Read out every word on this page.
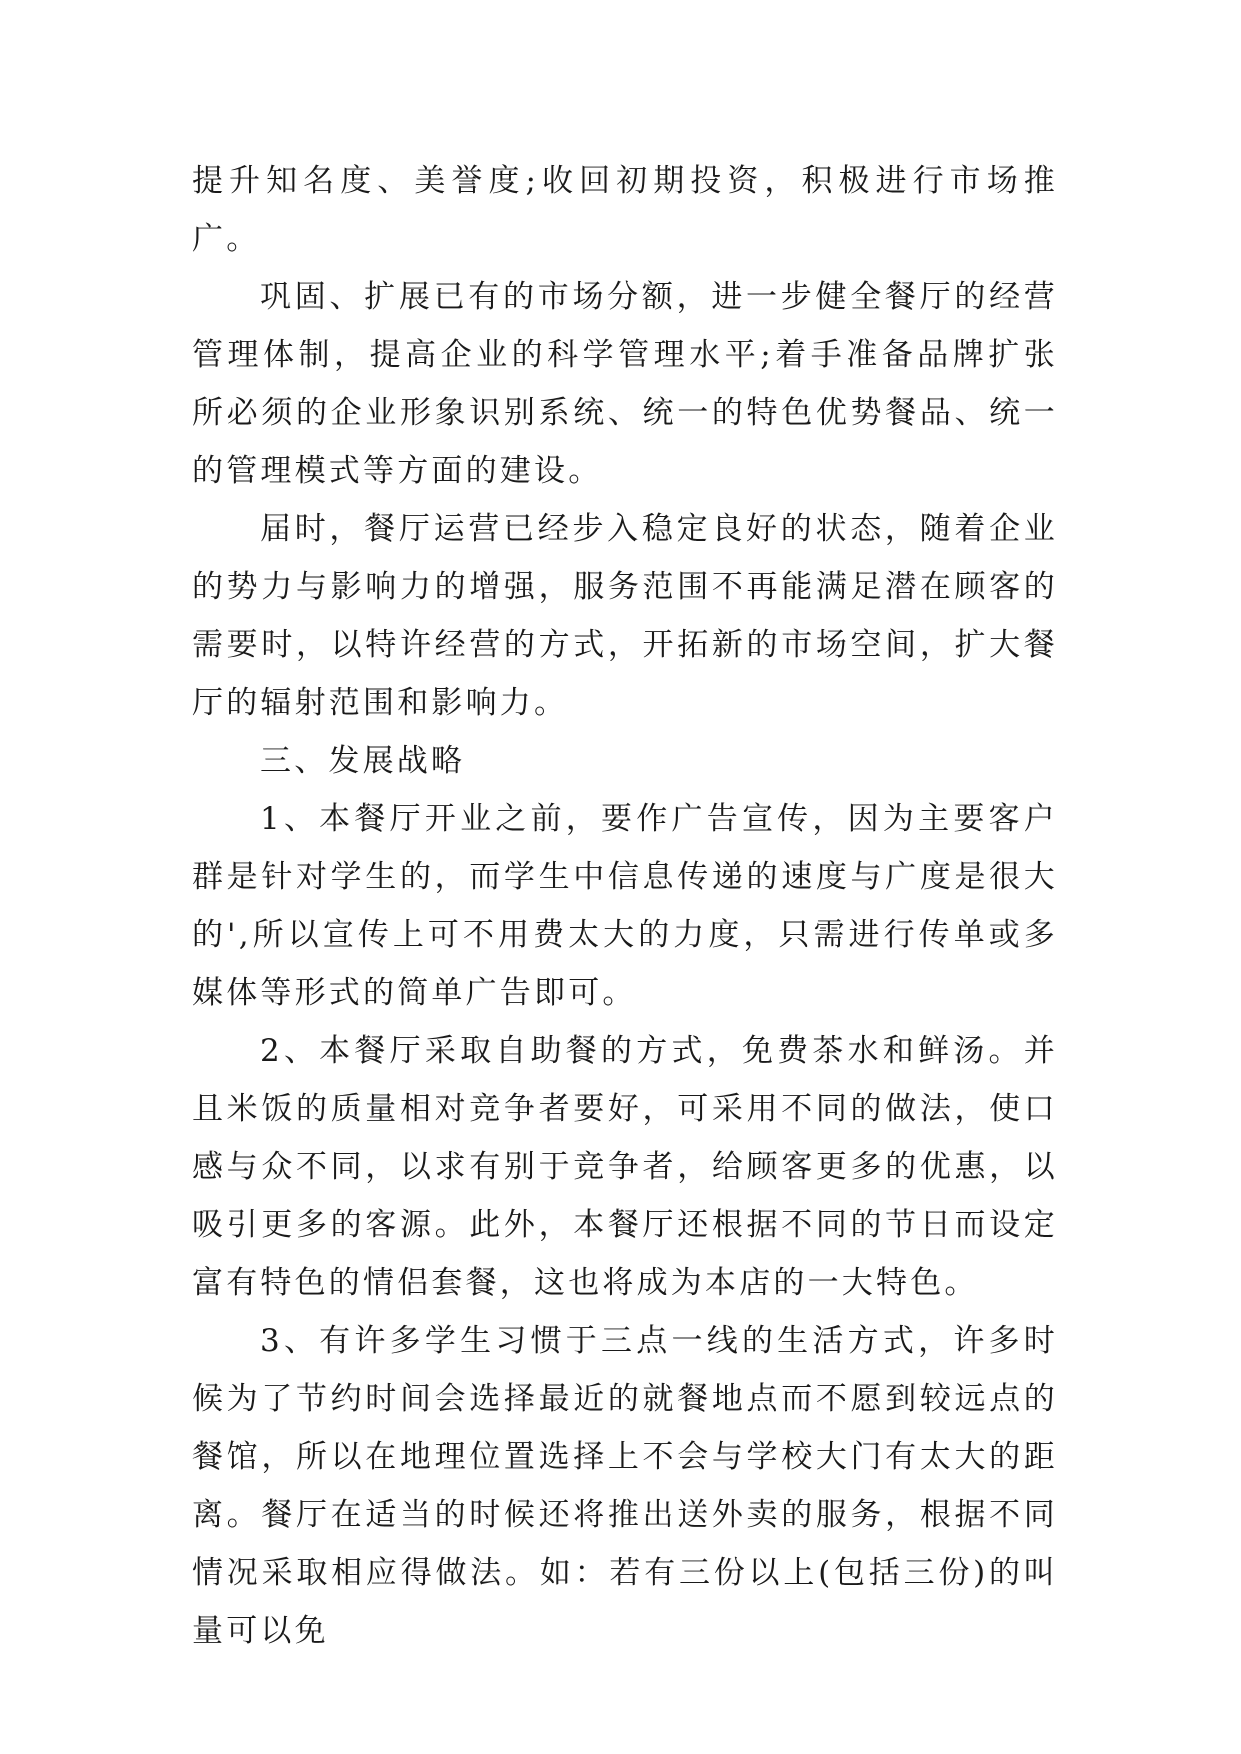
提升知名度、美誉度;收回初期投资，积极进行市场推广。

巩固、扩展已有的市场分额，进一步健全餐厅的经营管理体制，提高企业的科学管理水平;着手准备品牌扩张所必须的企业形象识别系统、统一的特色优势餐品、统一的管理模式等方面的建设。

届时，餐厅运营已经步入稳定良好的状态，随着企业的势力与影响力的增强，服务范围不再能满足潜在顾客的需要时，以特许经营的方式，开拓新的市场空间，扩大餐厅的辐射范围和影响力。

三、发展战略

1、本餐厅开业之前，要作广告宣传，因为主要客户群是针对学生的，而学生中信息传递的速度与广度是很大的',所以宣传上可不用费太大的力度，只需进行传单或多媒体等形式的简单广告即可。

2、本餐厅采取自助餐的方式，免费茶水和鲜汤。并且米饭的质量相对竞争者要好，可采用不同的做法，使口感与众不同，以求有别于竞争者，给顾客更多的优惠，以吸引更多的客源。此外，本餐厅还根据不同的节日而设定富有特色的情侣套餐，这也将成为本店的一大特色。

3、有许多学生习惯于三点一线的生活方式，许多时候为了节约时间会选择最近的就餐地点而不愿到较远点的餐馆，所以在地理位置选择上不会与学校大门有太大的距离。餐厅在适当的时候还将推出送外卖的服务，根据不同情况采取相应得做法。如：若有三份以上(包括三份)的叫量可以免
